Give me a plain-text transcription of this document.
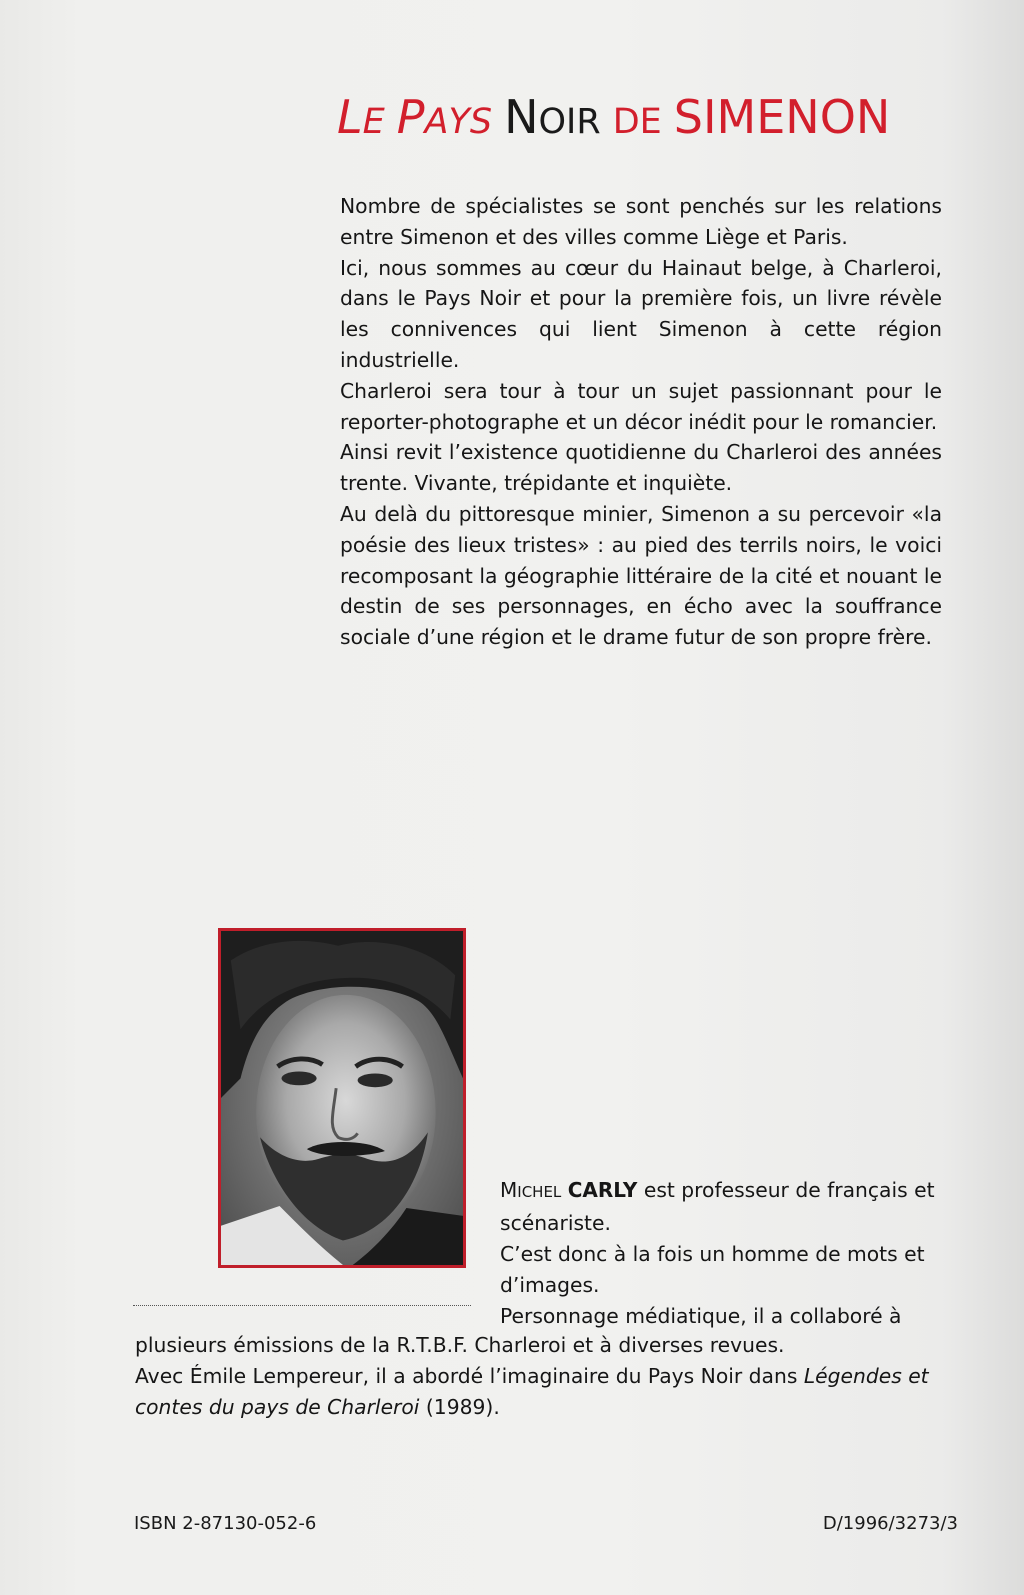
LE PAYS NOIR DE SIMENON

Nombre de spécialistes se sont penchés sur les relations entre Simenon et des villes comme Liège et Paris.

Ici, nous sommes au cœur du Hainaut belge, à Charleroi, dans le Pays Noir et pour la première fois, un livre révèle les connivences qui lient Simenon à cette région industrielle.

Charleroi sera tour à tour un sujet passionnant pour le reporter-photographe et un décor inédit pour le romancier.

Ainsi revit l’existence quotidienne du Charleroi des années trente. Vivante, trépidante et inquiète.

Au delà du pittoresque minier, Simenon a su percevoir «la poésie des lieux tristes» : au pied des terrils noirs, le voici recomposant la géographie littéraire de la cité et nouant le destin de ses personnages, en écho avec la souffrance sociale d’une région et le drame futur de son propre frère.

MICHEL CARLY est professeur de français et scénariste.

C’est donc à la fois un homme de mots et d’images.

Personnage médiatique, il a collaboré à

plusieurs émissions de la R.T.B.F. Charleroi et à diverses revues.

Avec Émile Lempereur, il a abordé l’imaginaire du Pays Noir dans Légendes et contes du pays de Charleroi (1989).

ISBN 2-87130-052-6	D/1996/3273/3
